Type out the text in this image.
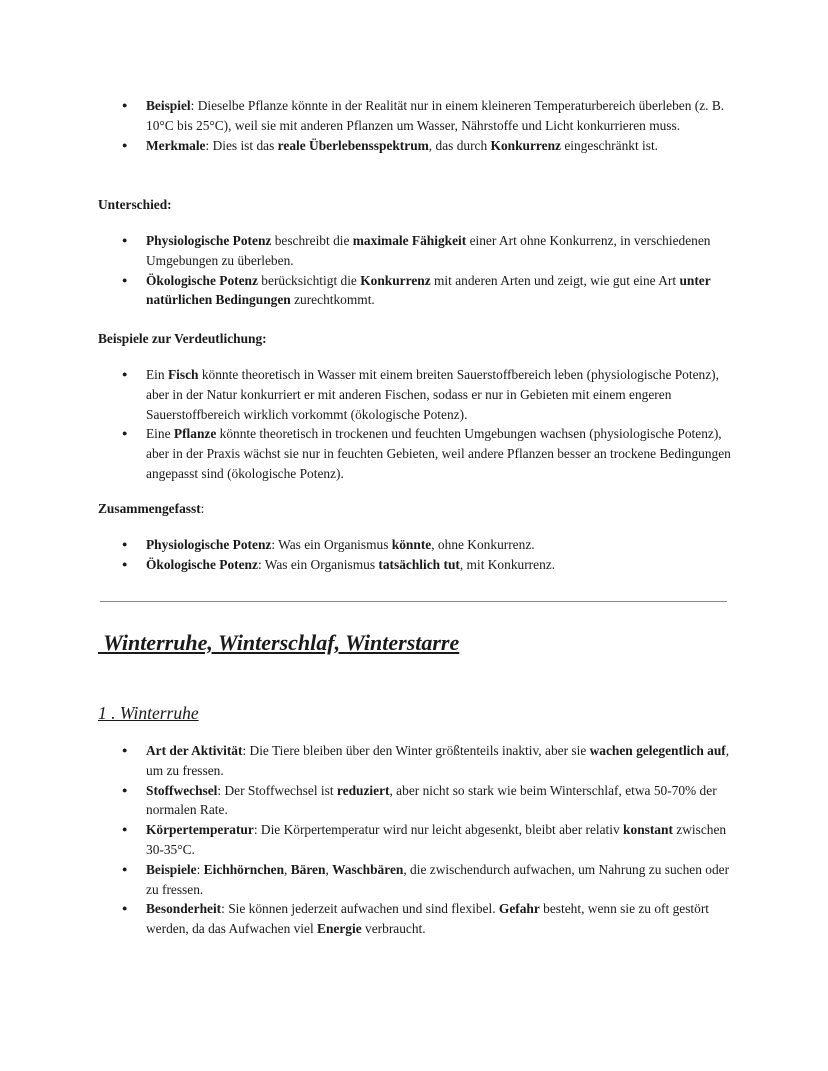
● Beispiel: Dieselbe Pflanze könnte in der Realität nur in einem kleineren Temperaturbereich überleben (z. B. 10°C bis 25°C), weil sie mit anderen Pflanzen um Wasser, Nährstoffe und Licht konkurrieren muss.
● Merkmale: Dies ist das reale Überlebensspektrum, das durch Konkurrenz eingeschränkt ist.
Unterschied:
● Physiologische Potenz beschreibt die maximale Fähigkeit einer Art ohne Konkurrenz, in verschiedenen Umgebungen zu überleben.
● Ökologische Potenz berücksichtigt die Konkurrenz mit anderen Arten und zeigt, wie gut eine Art unter natürlichen Bedingungen zurechtkommt.
Beispiele zur Verdeutlichung:
● Ein Fisch könnte theoretisch in Wasser mit einem breiten Sauerstoffbereich leben (physiologische Potenz), aber in der Natur konkurriert er mit anderen Fischen, sodass er nur in Gebieten mit einem engeren Sauerstoffbereich wirklich vorkommt (ökologische Potenz).
● Eine Pflanze könnte theoretisch in trockenen und feuchten Umgebungen wachsen (physiologische Potenz), aber in der Praxis wächst sie nur in feuchten Gebieten, weil andere Pflanzen besser an trockene Bedingungen angepasst sind (ökologische Potenz).
Zusammengefasst:
● Physiologische Potenz: Was ein Organismus könnte, ohne Konkurrenz.
● Ökologische Potenz: Was ein Organismus tatsächlich tut, mit Konkurrenz.
Winterruhe, Winterschlaf, Winterstarre
1 . Winterruhe
● Art der Aktivität: Die Tiere bleiben über den Winter größtenteils inaktiv, aber sie wachen gelegentlich auf, um zu fressen.
● Stoffwechsel: Der Stoffwechsel ist reduziert, aber nicht so stark wie beim Winterschlaf, etwa 50-70% der normalen Rate.
● Körpertemperatur: Die Körpertemperatur wird nur leicht abgesenkt, bleibt aber relativ konstant zwischen 30-35°C.
● Beispiele: Eichhörnchen, Bären, Waschbären, die zwischendurch aufwachen, um Nahrung zu suchen oder zu fressen.
● Besonderheit: Sie können jederzeit aufwachen und sind flexibel. Gefahr besteht, wenn sie zu oft gestört werden, da das Aufwachen viel Energie verbraucht.
